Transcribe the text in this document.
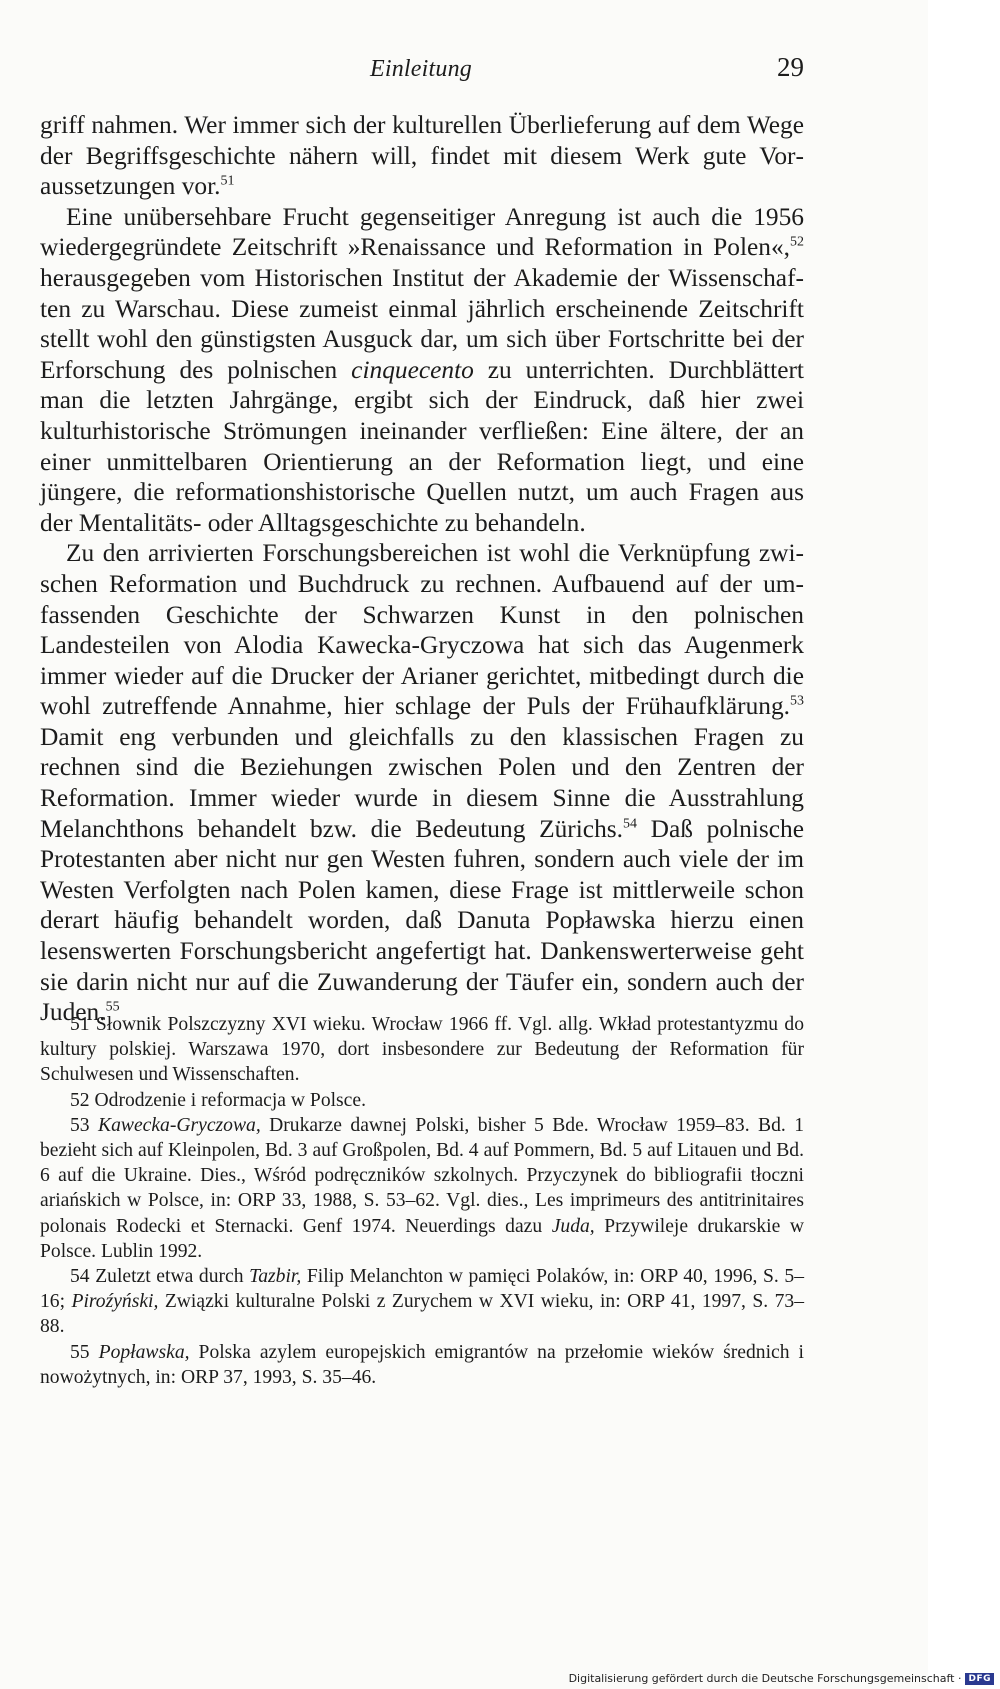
Einleitung	29

griff nahmen. Wer immer sich der kulturellen Überlieferung auf dem Wege der Begriffsgeschichte nähern will, findet mit diesem Werk gute Voraussetzungen vor.$^{51}$

Eine unübersehbare Frucht gegenseitiger Anregung ist auch die 1956 wiedergegründete Zeitschrift »Renaissance und Reformation in Polen«,$^{52}$ herausgegeben vom Historischen Institut der Akademie der Wissenschaften zu Warschau. Diese zumeist einmal jährlich erscheinende Zeitschrift stellt wohl den günstigsten Ausguck dar, um sich über Fortschritte bei der Erforschung des polnischen cinquecento zu unterrichten. Durchblättert man die letzten Jahrgänge, ergibt sich der Eindruck, daß hier zwei kulturhistorische Strömungen ineinander verfließen: Eine ältere, der an einer unmittelbaren Orientierung an der Reformation liegt, und eine jüngere, die reformationshistorische Quellen nutzt, um auch Fragen aus der Mentalitäts- oder Alltagsgeschichte zu behandeln.

Zu den arrivierten Forschungsbereichen ist wohl die Verknüpfung zwischen Reformation und Buchdruck zu rechnen. Aufbauend auf der umfassenden Geschichte der Schwarzen Kunst in den polnischen Landesteilen von Alodia Kawecka-Gryczowa hat sich das Augenmerk immer wieder auf die Drucker der Arianer gerichtet, mitbedingt durch die wohl zutreffende Annahme, hier schlage der Puls der Frühaufklärung.$^{53}$ Damit eng verbunden und gleichfalls zu den klassischen Fragen zu rechnen sind die Beziehungen zwischen Polen und den Zentren der Reformation. Immer wieder wurde in diesem Sinne die Ausstrahlung Melanchthons behandelt bzw. die Bedeutung Zürichs.$^{54}$ Daß polnische Protestanten aber nicht nur gen Westen fuhren, sondern auch viele der im Westen Verfolgten nach Polen kamen, diese Frage ist mittlerweile schon derart häufig behandelt worden, daß Danuta Popławska hierzu einen lesenswerten Forschungsbericht angefertigt hat. Dankenswerterweise geht sie darin nicht nur auf die Zuwanderung der Täufer ein, sondern auch der Juden.$^{55}$

51 Słownik Polszczyzny XVI wieku. Wrocław 1966 ff. Vgl. allg. Wkład protestantyzmu do kultury polskiej. Warszawa 1970, dort insbesondere zur Bedeutung der Reformation für Schulwesen und Wissenschaften.

52 Odrodzenie i reformacja w Polsce.

53 Kawecka-Gryczowa, Drukarze dawnej Polski, bisher 5 Bde. Wrocław 1959–83. Bd. 1 bezieht sich auf Kleinpolen, Bd. 3 auf Großpolen, Bd. 4 auf Pommern, Bd. 5 auf Litauen und Bd. 6 auf die Ukraine. Dies., Wśród podręczników szkolnych. Przyczynek do bibliografii tłoczni ariańskich w Polsce, in: ORP 33, 1988, S. 53–62. Vgl. dies., Les imprimeurs des antitrinitaires polonais Rodecki et Sternacki. Genf 1974. Neuerdings dazu Juda, Przywileje drukarskie w Polsce. Lublin 1992.

54 Zuletzt etwa durch Tazbir, Filip Melanchton w pamięci Polaków, in: ORP 40, 1996, S. 5–16; Piroźyński, Związki kulturalne Polski z Zurychem w XVI wieku, in: ORP 41, 1997, S. 73–88.

55 Popławska, Polska azylem europejskich emigrantów na przełomie wieków średnich i nowożytnych, in: ORP 37, 1993, S. 35–46.

Digitalisierung gefördert durch die Deutsche Forschungsgemeinschaft · DFG
